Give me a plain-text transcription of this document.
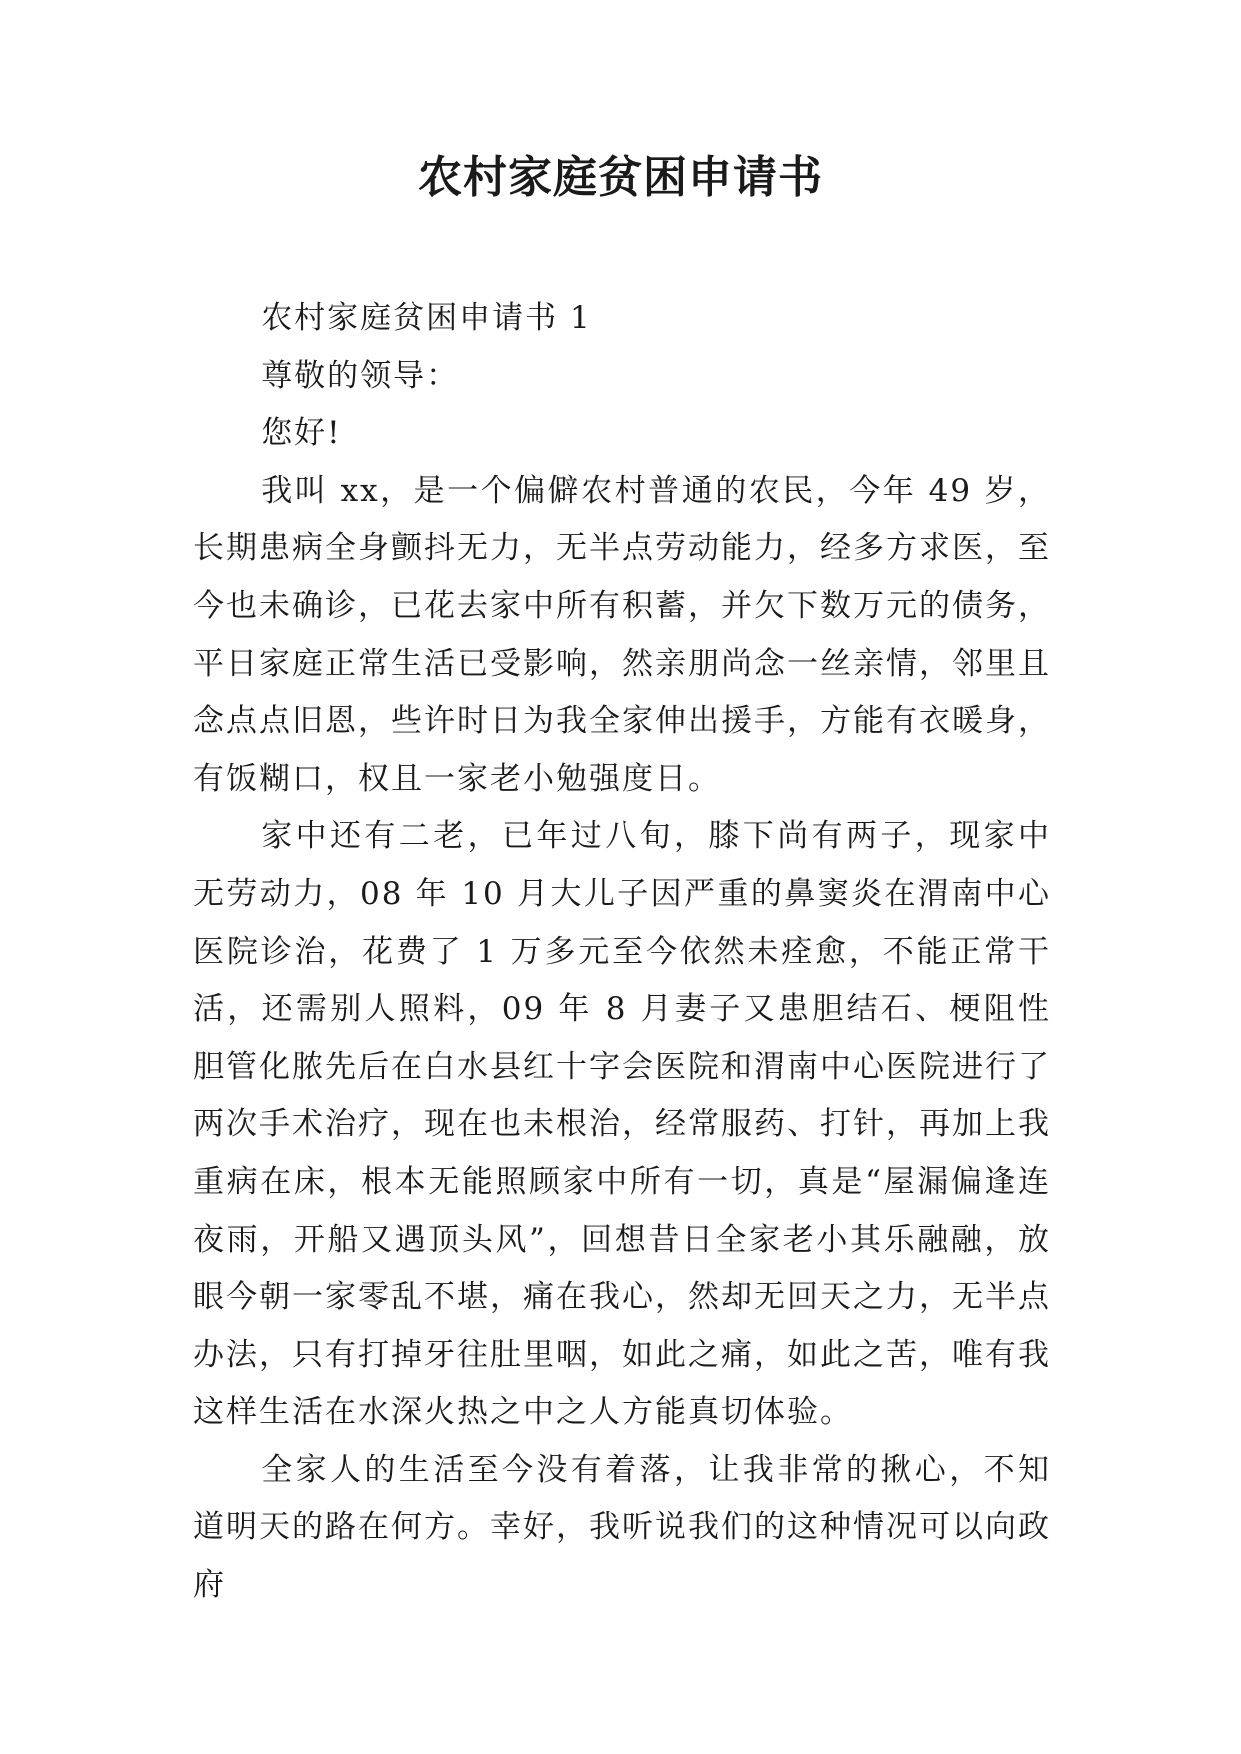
农村家庭贫困申请书

农村家庭贫困申请书 1

尊敬的领导：

您好!

我叫 xx，是一个偏僻农村普通的农民，今年 49 岁，长期患病全身颤抖无力，无半点劳动能力，经多方求医，至今也未确诊，已花去家中所有积蓄，并欠下数万元的债务，平日家庭正常生活已受影响，然亲朋尚念一丝亲情，邻里且念点点旧恩，些许时日为我全家伸出援手，方能有衣暖身，有饭糊口，权且一家老小勉强度日。

家中还有二老，已年过八旬，膝下尚有两子，现家中无劳动力，08 年 10 月大儿子因严重的鼻窦炎在渭南中心医院诊治，花费了 1 万多元至今依然未痊愈，不能正常干活，还需别人照料，09 年 8 月妻子又患胆结石、梗阻性胆管化脓先后在白水县红十字会医院和渭南中心医院进行了两次手术治疗，现在也未根治，经常服药、打针，再加上我重病在床，根本无能照顾家中所有一切，真是“屋漏偏逢连夜雨，开船又遇顶头风”，回想昔日全家老小其乐融融，放眼今朝一家零乱不堪，痛在我心，然却无回天之力，无半点办法，只有打掉牙往肚里咽，如此之痛，如此之苦，唯有我这样生活在水深火热之中之人方能真切体验。

全家人的生活至今没有着落，让我非常的揪心，不知道明天的路在何方。幸好，我听说我们的这种情况可以向政府
